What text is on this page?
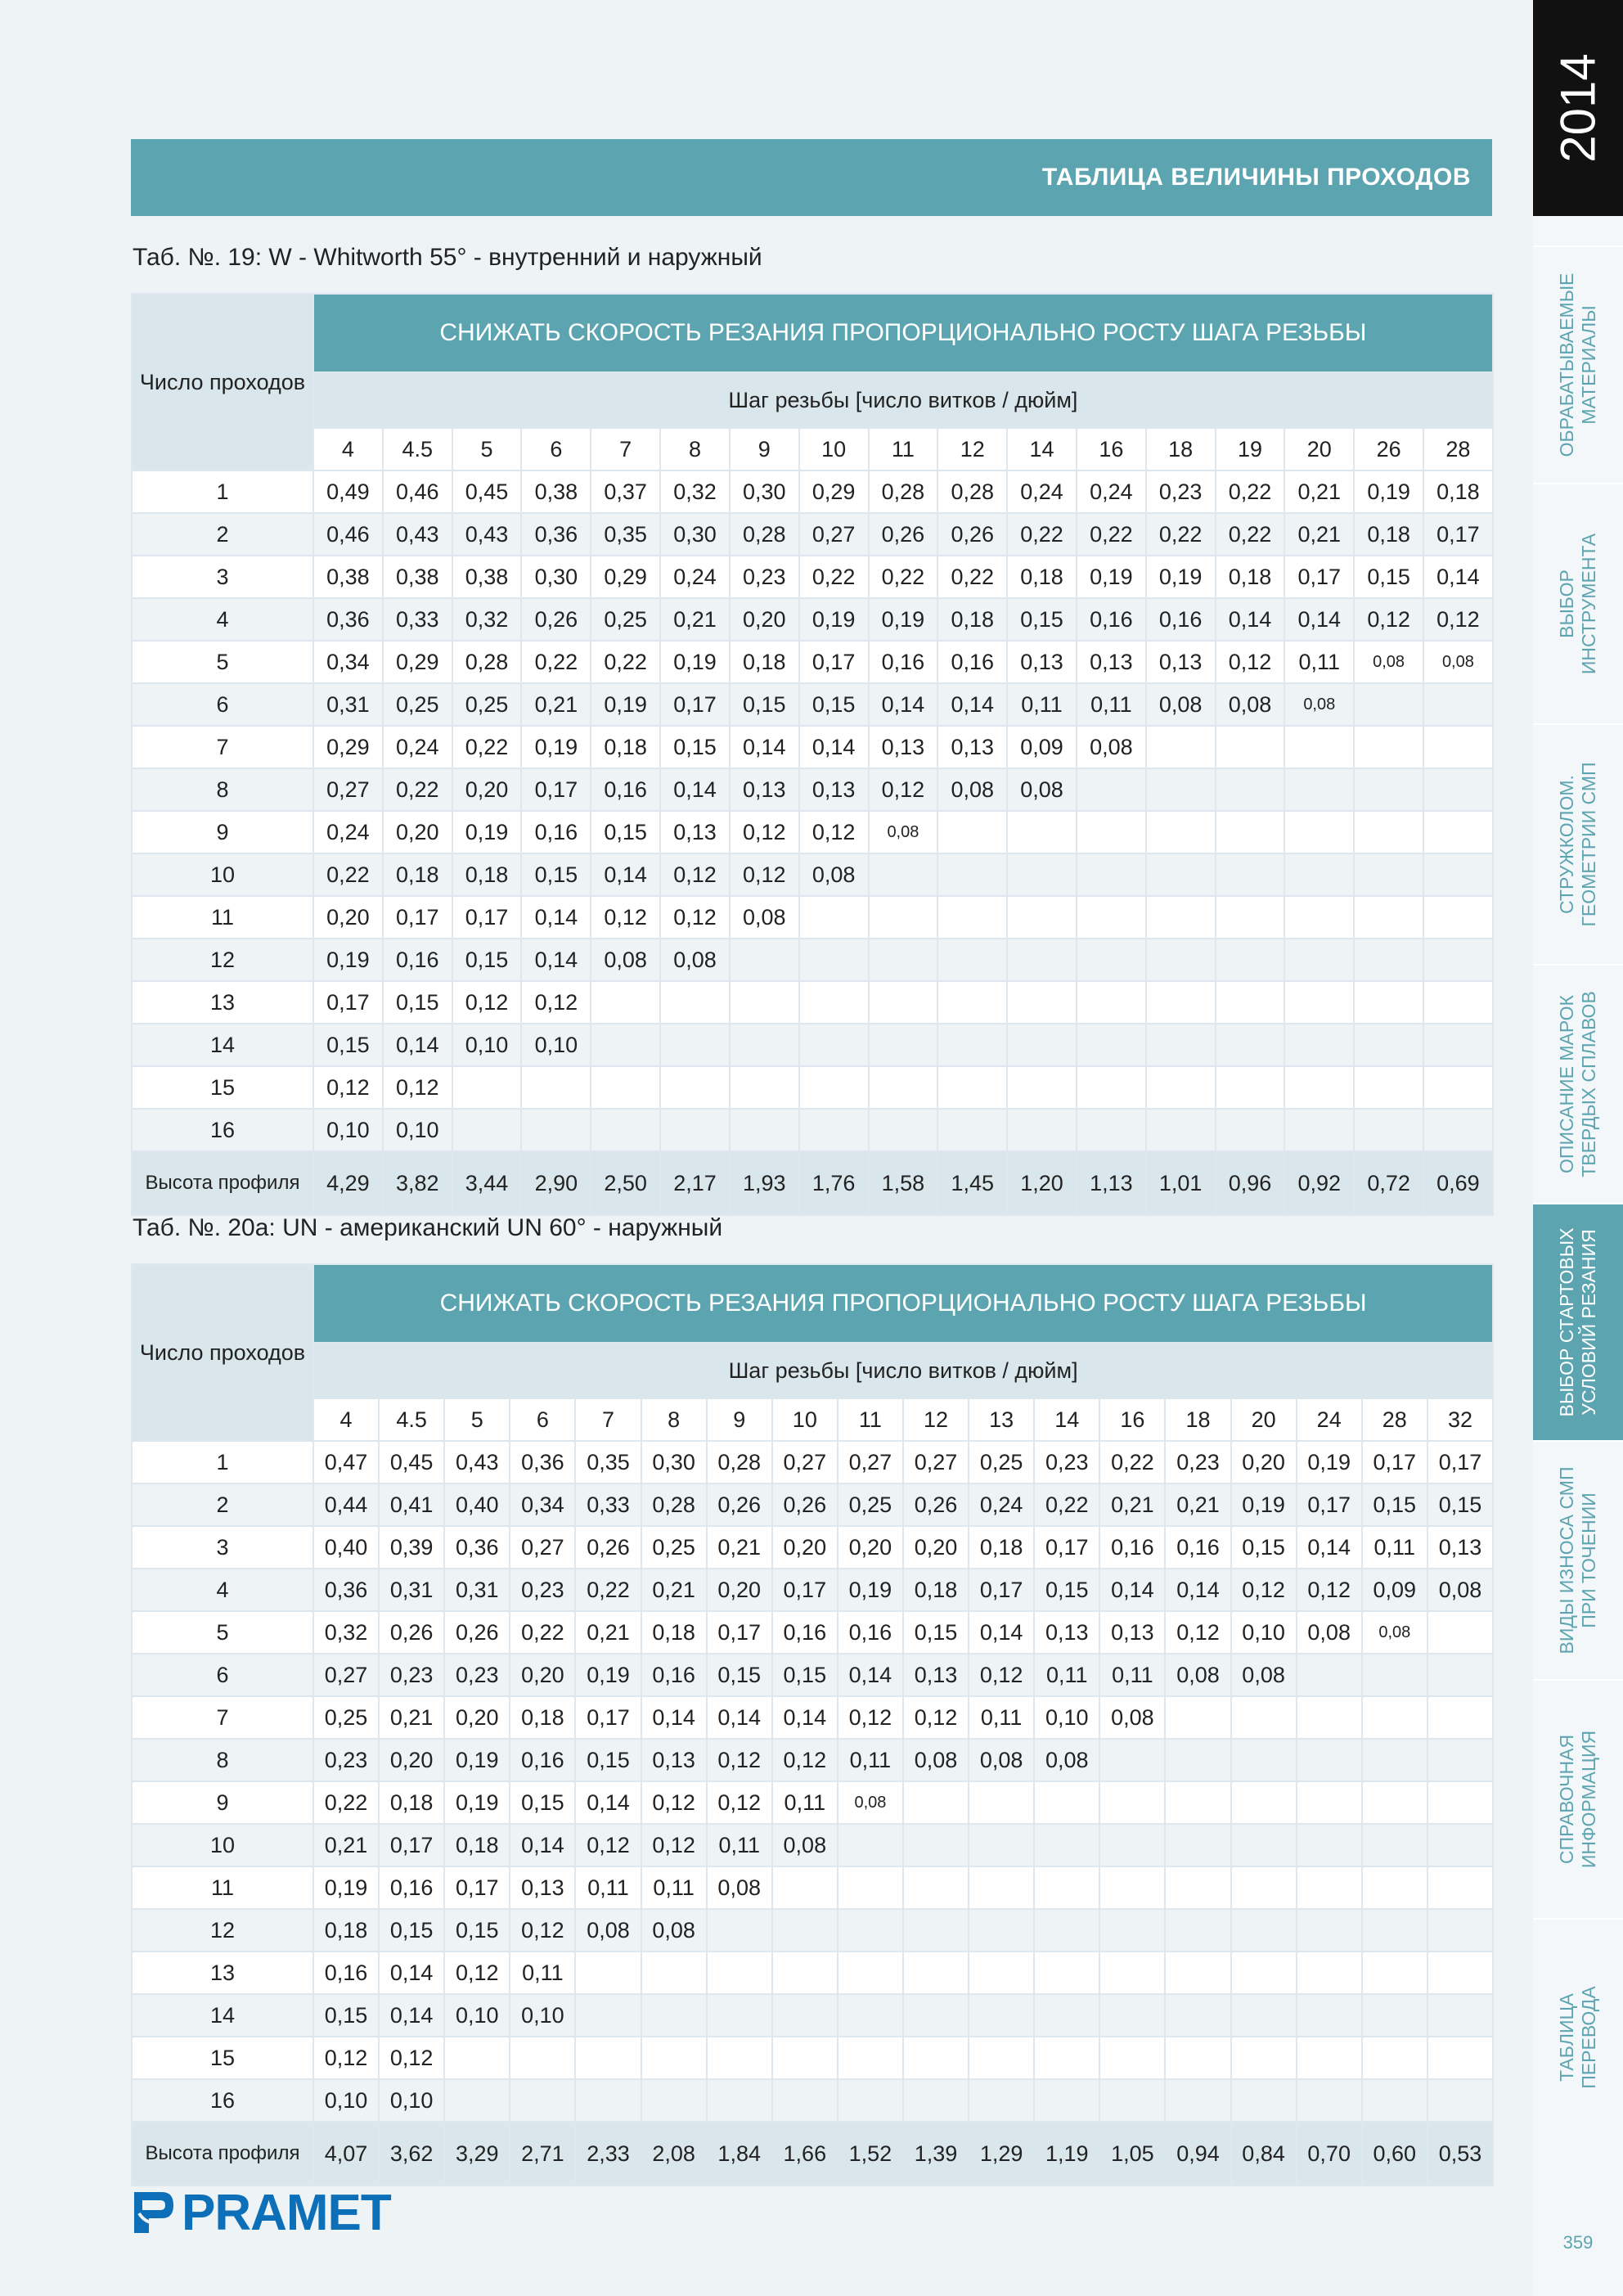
2014
ОБРАБАТЫВАЕМЫЕ
МАТЕРИАЛЫ
ВЫБОР
ИНСТРУМЕНТА
СТРУЖКОЛОМ.
ГЕОМЕТРИИ СМП
ОПИСАНИЕ МАРОК
ТВЕРДЫХ СПЛАВОВ
ВЫБОР СТАРТОВЫХ
УСЛОВИЙ РЕЗАНИЯ
ВИДЫ ИЗНОСА СМП
ПРИ ТОЧЕНИИ
СПРАВОЧНАЯ
ИНФОРМАЦИЯ
ТАБЛИЦА
ПЕРЕВОДА
359
ТАБЛИЦА ВЕЛИЧИНЫ ПРОХОДОВ
Таб. №. 19: W - Whitworth 55° - внутренний и наружный
Число проходов	СНИЖАТЬ СКОРОСТЬ РЕЗАНИЯ ПРОПОРЦИОНАЛЬНО РОСТУ ШАГА РЕЗЬБЫ																
	Шаг резьбы [число витков / дюйм]																
	4	4.5	5	6	7	8	9	10	11	12	14	16	18	19	20	26	28
1	0,49	0,46	0,45	0,38	0,37	0,32	0,30	0,29	0,28	0,28	0,24	0,24	0,23	0,22	0,21	0,19	0,18
2	0,46	0,43	0,43	0,36	0,35	0,30	0,28	0,27	0,26	0,26	0,22	0,22	0,22	0,22	0,21	0,18	0,17
3	0,38	0,38	0,38	0,30	0,29	0,24	0,23	0,22	0,22	0,22	0,18	0,19	0,19	0,18	0,17	0,15	0,14
4	0,36	0,33	0,32	0,26	0,25	0,21	0,20	0,19	0,19	0,18	0,15	0,16	0,16	0,14	0,14	0,12	0,12
5	0,34	0,29	0,28	0,22	0,22	0,19	0,18	0,17	0,16	0,16	0,13	0,13	0,13	0,12	0,11	0,08	0,08
6	0,31	0,25	0,25	0,21	0,19	0,17	0,15	0,15	0,14	0,14	0,11	0,11	0,08	0,08	0,08		
7	0,29	0,24	0,22	0,19	0,18	0,15	0,14	0,14	0,13	0,13	0,09	0,08					
8	0,27	0,22	0,20	0,17	0,16	0,14	0,13	0,13	0,12	0,08	0,08						
9	0,24	0,20	0,19	0,16	0,15	0,13	0,12	0,12	0,08								
10	0,22	0,18	0,18	0,15	0,14	0,12	0,12	0,08									
11	0,20	0,17	0,17	0,14	0,12	0,12	0,08										
12	0,19	0,16	0,15	0,14	0,08	0,08											
13	0,17	0,15	0,12	0,12													
14	0,15	0,14	0,10	0,10													
15	0,12	0,12															
16	0,10	0,10															
Высота профиля	4,29	3,82	3,44	2,90	2,50	2,17	1,93	1,76	1,58	1,45	1,20	1,13	1,01	0,96	0,92	0,72	0,69
Таб. №. 20a: UN - американский UN 60° - наружный
Число проходов	СНИЖАТЬ СКОРОСТЬ РЕЗАНИЯ ПРОПОРЦИОНАЛЬНО РОСТУ ШАГА РЕЗЬБЫ																	
	Шаг резьбы [число витков / дюйм]																	
	4	4.5	5	6	7	8	9	10	11	12	13	14	16	18	20	24	28	32
1	0,47	0,45	0,43	0,36	0,35	0,30	0,28	0,27	0,27	0,27	0,25	0,23	0,22	0,23	0,20	0,19	0,17	0,17
2	0,44	0,41	0,40	0,34	0,33	0,28	0,26	0,26	0,25	0,26	0,24	0,22	0,21	0,21	0,19	0,17	0,15	0,15
3	0,40	0,39	0,36	0,27	0,26	0,25	0,21	0,20	0,20	0,20	0,18	0,17	0,16	0,16	0,15	0,14	0,11	0,13
4	0,36	0,31	0,31	0,23	0,22	0,21	0,20	0,17	0,19	0,18	0,17	0,15	0,14	0,14	0,12	0,12	0,09	0,08
5	0,32	0,26	0,26	0,22	0,21	0,18	0,17	0,16	0,16	0,15	0,14	0,13	0,13	0,12	0,10	0,08	0,08	
6	0,27	0,23	0,23	0,20	0,19	0,16	0,15	0,15	0,14	0,13	0,12	0,11	0,11	0,08	0,08			
7	0,25	0,21	0,20	0,18	0,17	0,14	0,14	0,14	0,12	0,12	0,11	0,10	0,08					
8	0,23	0,20	0,19	0,16	0,15	0,13	0,12	0,12	0,11	0,08	0,08	0,08						
9	0,22	0,18	0,19	0,15	0,14	0,12	0,12	0,11	0,08									
10	0,21	0,17	0,18	0,14	0,12	0,12	0,11	0,08										
11	0,19	0,16	0,17	0,13	0,11	0,11	0,08											
12	0,18	0,15	0,15	0,12	0,08	0,08												
13	0,16	0,14	0,12	0,11														
14	0,15	0,14	0,10	0,10														
15	0,12	0,12																
16	0,10	0,10																
Высота профиля	4,07	3,62	3,29	2,71	2,33	2,08	1,84	1,66	1,52	1,39	1,29	1,19	1,05	0,94	0,84	0,70	0,60	0,53
PRAMET
